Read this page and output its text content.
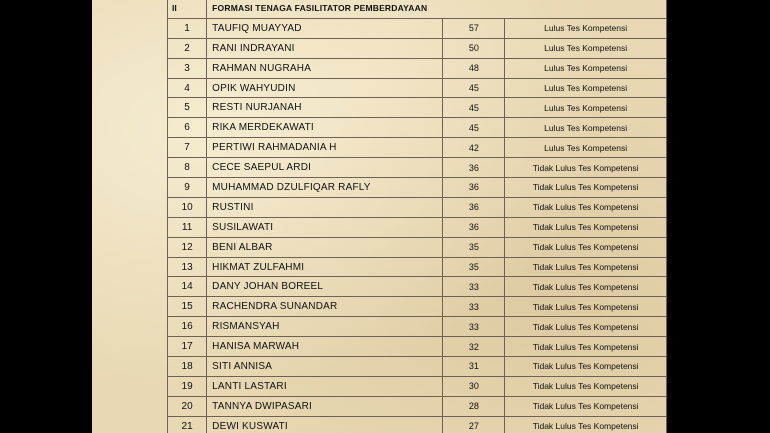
II	FORMASI TENAGA FASILITATOR PEMBERDAYAAN		
1	TAUFIQ MUAYYAD	57	Lulus Tes Kompetensi
2	RANI INDRAYANI	50	Lulus Tes Kompetensi
3	RAHMAN NUGRAHA	48	Lulus Tes Kompetensi
4	OPIK WAHYUDIN	45	Lulus Tes Kompetensi
5	RESTI NURJANAH	45	Lulus Tes Kompetensi
6	RIKA MERDEKAWATI	45	Lulus Tes Kompetensi
7	PERTIWI RAHMADANIA H	42	Lulus Tes Kompetensi
8	CECE SAEPUL ARDI	36	Tidak Lulus Tes Kompetensi
9	MUHAMMAD DZULFIQAR RAFLY	36	Tidak Lulus Tes Kompetensi
10	RUSTINI	36	Tidak Lulus Tes Kompetensi
11	SUSILAWATI	36	Tidak Lulus Tes Kompetensi
12	BENI ALBAR	35	Tidak Lulus Tes Kompetensi
13	HIKMAT ZULFAHMI	35	Tidak Lulus Tes Kompetensi
14	DANY JOHAN BOREEL	33	Tidak Lulus Tes Kompetensi
15	RACHENDRA SUNANDAR	33	Tidak Lulus Tes Kompetensi
16	RISMANSYAH	33	Tidak Lulus Tes Kompetensi
17	HANISA MARWAH	32	Tidak Lulus Tes Kompetensi
18	SITI ANNISA	31	Tidak Lulus Tes Kompetensi
19	LANTI LASTARI	30	Tidak Lulus Tes Kompetensi
20	TANNYA DWIPASARI	28	Tidak Lulus Tes Kompetensi
21	DEWI KUSWATI	27	Tidak Lulus Tes Kompetensi
